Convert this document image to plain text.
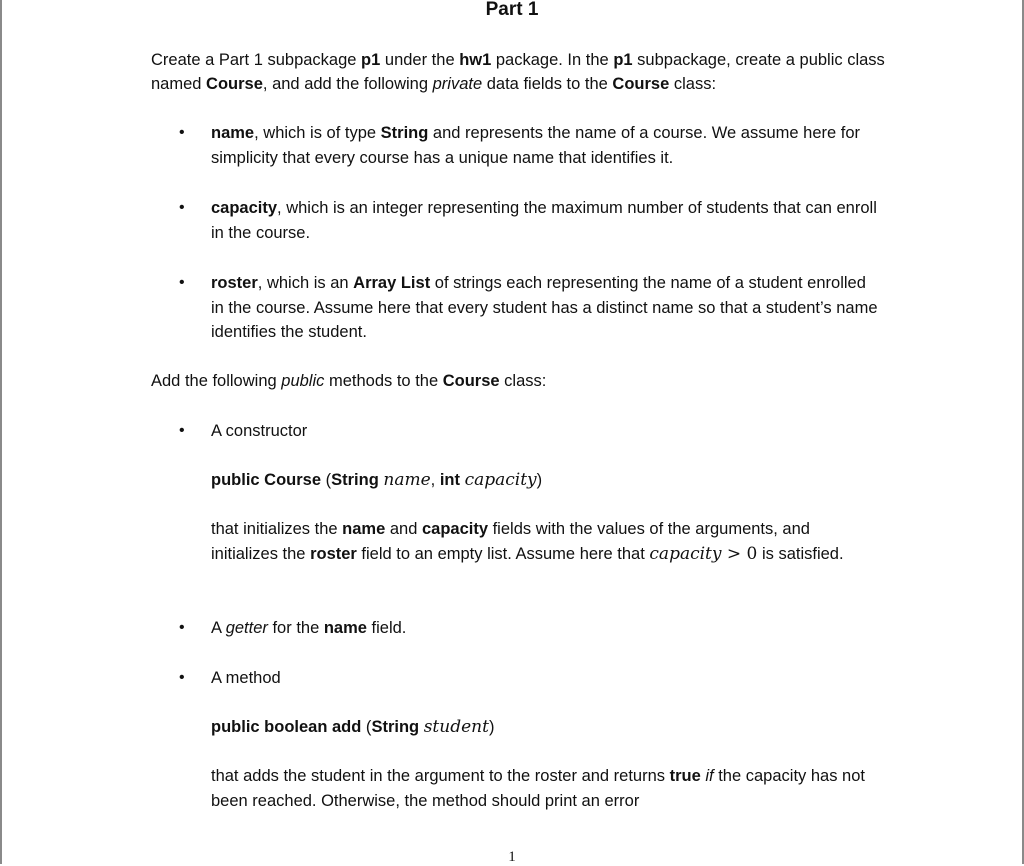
Part 1
Create a Part 1 subpackage p1 under the hw1 package. In the p1 subpackage, create a public class named Course, and add the following private data fields to the Course class:
• name, which is of type String and represents the name of a course. We assume here for simplicity that every course has a unique name that identifies it.
• capacity, which is an integer representing the maximum number of students that can enroll in the course.
• roster, which is an Array List of strings each representing the name of a student enrolled in the course. Assume here that every student has a distinct name so that a student’s name identifies the student.
Add the following public methods to the Course class:
• A constructor
public Course (String name, int capacity)
that initializes the name and capacity fields with the values of the arguments, and initializes the roster field to an empty list. Assume here that capacity > 0 is satisfied.
• A getter for the name field.
• A method
public boolean add (String student)
that adds the student in the argument to the roster and returns true if the capacity has not been reached. Otherwise, the method should print an error
1
